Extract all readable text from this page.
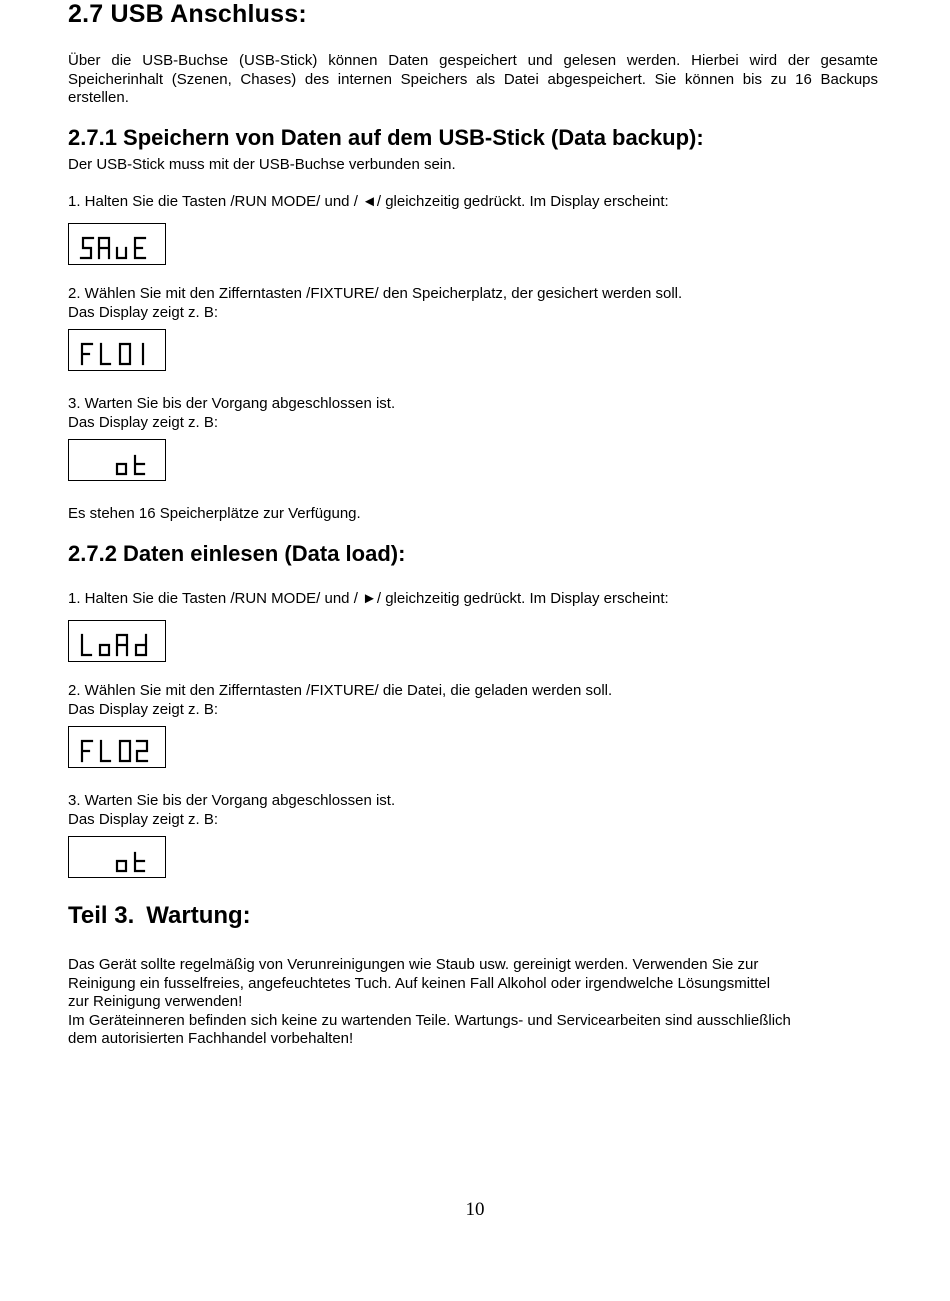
2.7 USB Anschluss:

Über die USB-Buchse (USB-Stick) können Daten gespeichert und gelesen werden. Hierbei wird der gesamte
Speicherinhalt (Szenen, Chases) des internen Speichers als Datei abgespeichert. Sie können bis zu 16 Backups
erstellen.

2.7.1 Speichern von Daten auf dem USB-Stick (Data backup):

Der USB-Stick muss mit der USB-Buchse verbunden sein.

1. Halten Sie die Tasten /RUN MODE/ und / ◄/ gleichzeitig gedrückt. Im Display erscheint:

2. Wählen Sie mit den Zifferntasten /FIXTURE/ den Speicherplatz, der gesichert werden soll.
Das Display zeigt z. B:

3. Warten Sie bis der Vorgang abgeschlossen ist.
Das Display zeigt z. B:

Es stehen 16 Speicherplätze zur Verfügung.

2.7.2 Daten einlesen (Data load):

1. Halten Sie die Tasten /RUN MODE/ und / ►/ gleichzeitig gedrückt. Im Display erscheint:

2. Wählen Sie mit den Zifferntasten /FIXTURE/ die Datei, die geladen werden soll.
Das Display zeigt z. B:

3. Warten Sie bis der Vorgang abgeschlossen ist.
Das Display zeigt z. B:

Teil 3. Wartung:

Das Gerät sollte regelmäßig von Verunreinigungen wie Staub usw. gereinigt werden. Verwenden Sie zur
Reinigung ein fusselfreies, angefeuchtetes Tuch. Auf keinen Fall Alkohol oder irgendwelche Lösungsmittel
zur Reinigung verwenden!
Im Geräteinneren befinden sich keine zu wartenden Teile. Wartungs- und Servicearbeiten sind ausschließlich
dem autorisierten Fachhandel vorbehalten!

10
